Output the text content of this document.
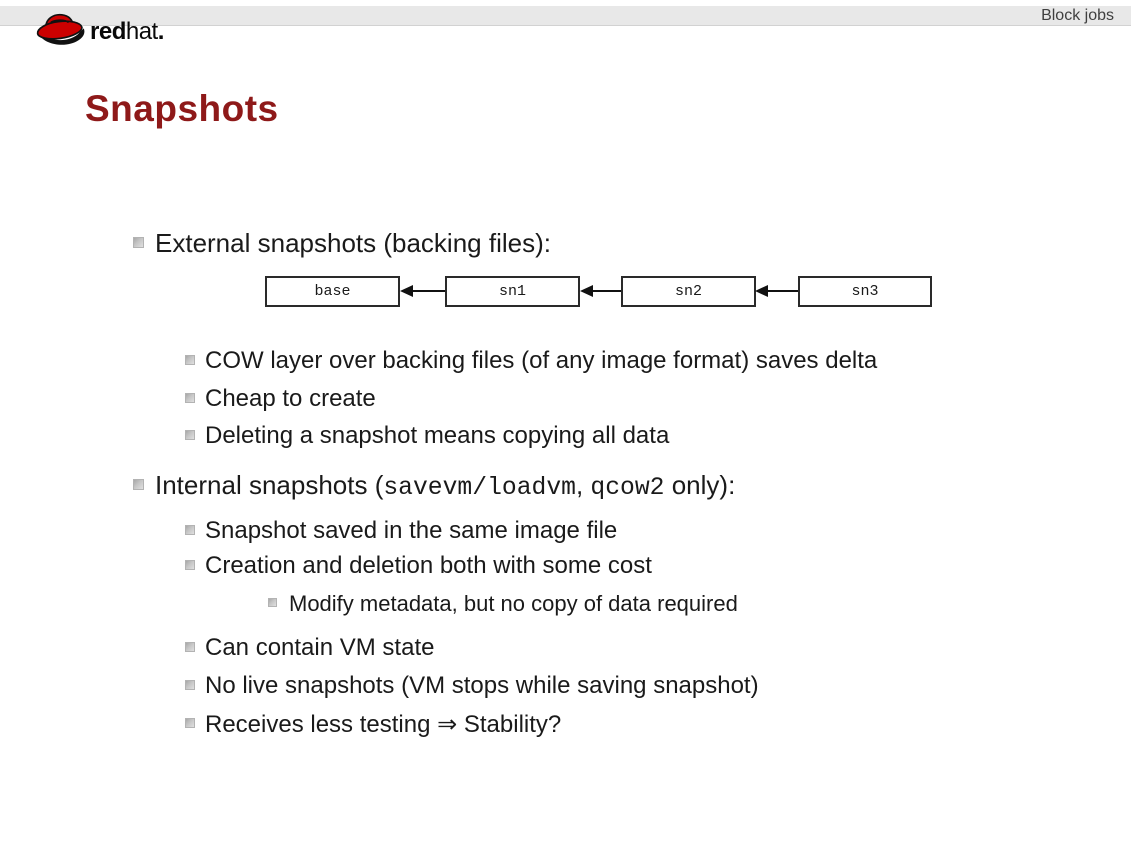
Block jobs
redhat.
Snapshots
External snapshots (backing files):
base	sn1	sn2	sn3
COW layer over backing files (of any image format) saves delta
Cheap to create
Deleting a snapshot means copying all data
Internal snapshots (savevm/loadvm, qcow2 only):
Snapshot saved in the same image file
Creation and deletion both with some cost
Modify metadata, but no copy of data required
Can contain VM state
No live snapshots (VM stops while saving snapshot)
Receives less testing ⇒ Stability?
